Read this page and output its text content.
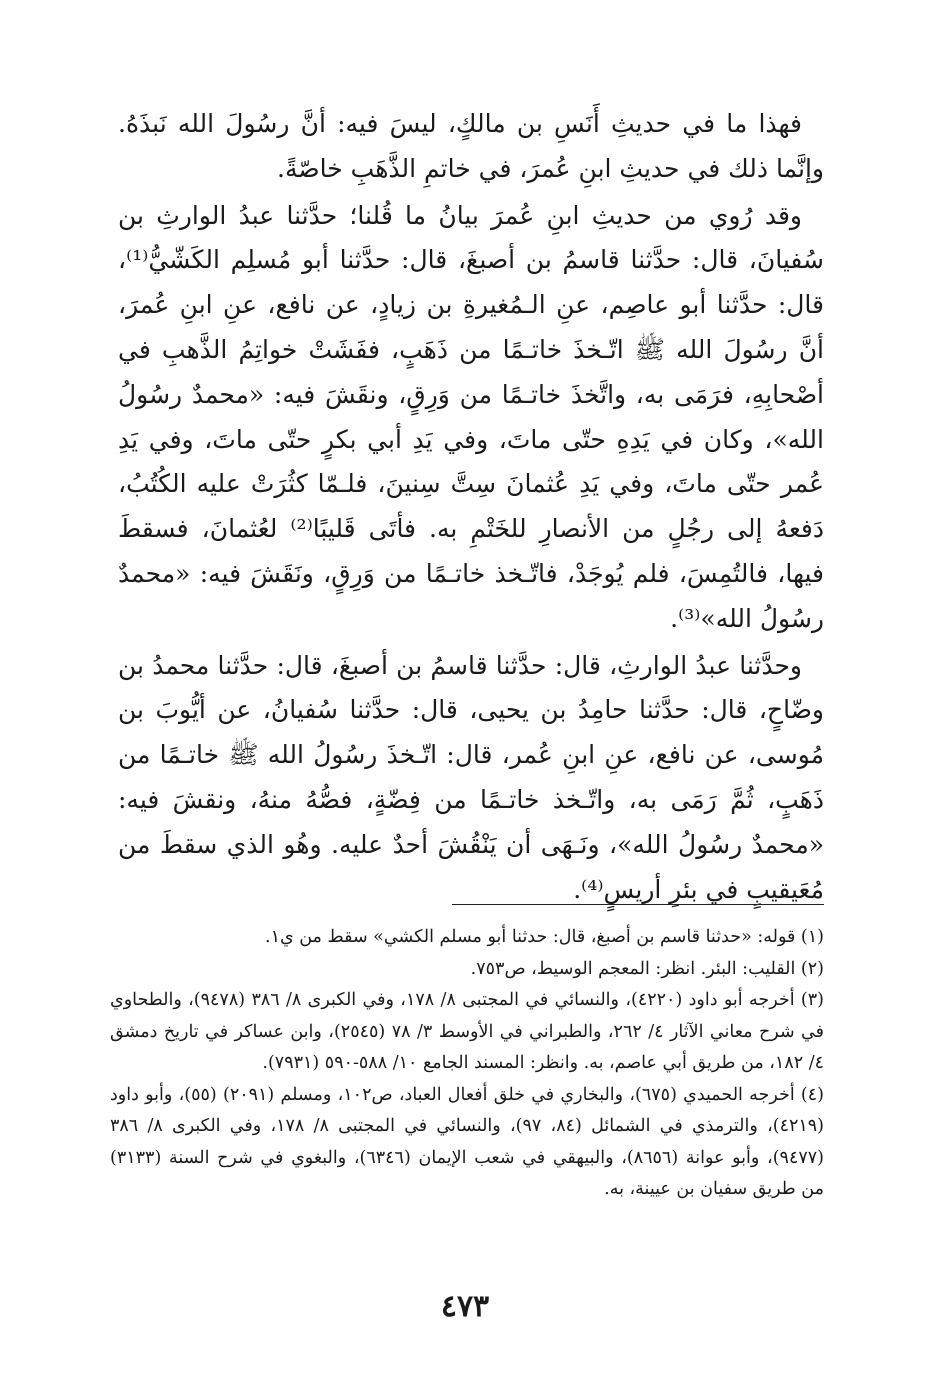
فهذا ما في حديثِ أَنَسِ بن مالكٍ، ليسَ فيه: أنَّ رسُولَ الله نَبذَهُ. وإنَّما ذلك في حديثِ ابنِ عُمرَ، في خاتمِ الذَّهَبِ خاصّةً.

وقد رُوي من حديثِ ابنِ عُمرَ بيانُ ما قُلنا؛ حدَّثنا عبدُ الوارثِ بن سُفيانَ، قال: حدَّثنا قاسمُ بن أصبغَ، قال: حدَّثنا أبو مُسلِم الكَشّيُّ⁽¹⁾، قال: حدَّثنا أبو عاصِم، عنِ الـمُغيرةِ بن زيادٍ، عن نافع، عنِ ابنِ عُمرَ، أنَّ رسُولَ الله ﷺ اتّـخذَ خاتـمًا من ذَهَبٍ، ففَشَتْ خواتِمُ الذَّهبِ في أصْحابِهِ، فرَمَى به، واتَّخذَ خاتـمًا من وَرِقٍ، ونقَشَ فيه: «محمدٌ رسُولُ الله»، وكان في يَدِهِ حتّى ماتَ، وفي يَدِ أبي بكرٍ حتّى ماتَ، وفي يَدِ عُمر حتّى ماتَ، وفي يَدِ عُثمانَ سِتَّ سِنينَ، فلـمّا كثُرَتْ عليه الكُتُبُ، دَفعهُ إلى رجُلٍ من الأنصارِ للخَتْمِ به. فأتَى قَليبًا⁽²⁾ لعُثمانَ، فسقطَ فيها، فالتُمِسَ، فلم يُوجَدْ، فاتّـخذ خاتـمًا من وَرِقٍ، ونَقَشَ فيه: «محمدٌ رسُولُ الله»⁽³⁾.

وحدَّثنا عبدُ الوارثِ، قال: حدَّثنا قاسمُ بن أصبغَ، قال: حدَّثنا محمدُ بن وضّاحٍ، قال: حدَّثنا حامِدُ بن يحيى، قال: حدَّثنا سُفيانُ، عن أيُّوبَ بن مُوسى، عن نافع، عنِ ابنِ عُمر، قال: اتّـخذَ رسُولُ الله ﷺ خاتـمًا من ذَهَبٍ، ثُمَّ رَمَى به، واتّـخذ خاتـمًا من فِضّةٍ، فصُّهُ منهُ، ونقشَ فيه: «محمدٌ رسُولُ الله»، ونَـهَى أن يَنْقُشَ أحدٌ عليه. وهُو الذي سقطَ من مُعَيقيبٍ في بئرِ أريسٍ⁽⁴⁾.

(١) قوله: «حدثنا قاسم بن أصبغ، قال: حدثنا أبو مسلم الكشي» سقط من ي١.

(٢) القليب: البئر. انظر: المعجم الوسيط، ص٧٥٣.

(٣) أخرجه أبو داود (٤٢٢٠)، والنسائي في المجتبى ٨/ ١٧٨، وفي الكبرى ٨/ ٣٨٦ (٩٤٧٨)، والطحاوي في شرح معاني الآثار ٤/ ٢٦٢، والطبراني في الأوسط ٣/ ٧٨ (٢٥٤٥)، وابن عساكر في تاريخ دمشق ٤/ ١٨٢، من طريق أبي عاصم، به. وانظر: المسند الجامع ١٠/ ٥٨٨-٥٩٠ (٧٩٣١).

(٤) أخرجه الحميدي (٦٧٥)، والبخاري في خلق أفعال العباد، ص١٠٢، ومسلم (٢٠٩١) (٥٥)، وأبو داود (٤٢١٩)، والترمذي في الشمائل (٨٤، ٩٧)، والنسائي في المجتبى ٨/ ١٧٨، وفي الكبرى ٨/ ٣٨٦ (٩٤٧٧)، وأبو عوانة (٨٦٥٦)، والبيهقي في شعب الإيمان (٦٣٤٦)، والبغوي في شرح السنة (٣١٣٣) من طريق سفيان بن عيينة، به.

٤٧٣
